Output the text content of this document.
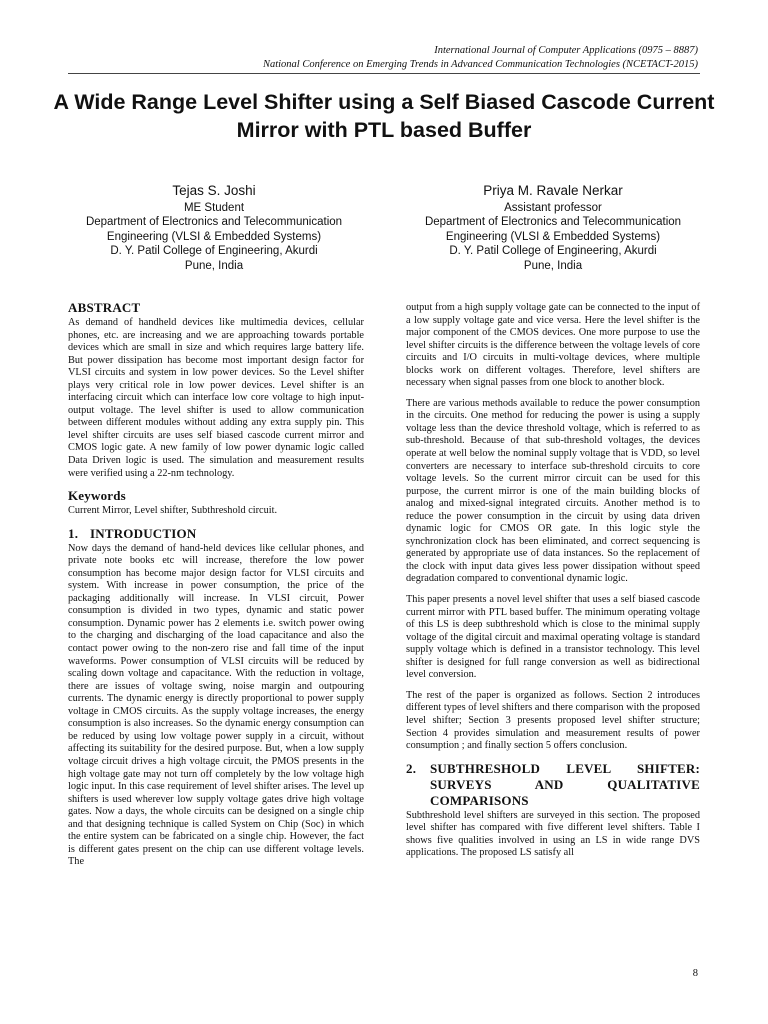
International Journal of Computer Applications (0975 – 8887)
National Conference on Emerging Trends in Advanced Communication Technologies (NCETACT-2015)
A Wide Range Level Shifter using a Self Biased Cascode Current Mirror with PTL based Buffer
Tejas S. Joshi
ME Student
Department of Electronics and Telecommunication Engineering (VLSI & Embedded Systems)
D. Y. Patil College of Engineering, Akurdi
Pune, India
Priya M. Ravale Nerkar
Assistant professor
Department of Electronics and Telecommunication Engineering (VLSI & Embedded Systems)
D. Y. Patil College of Engineering, Akurdi
Pune, India
ABSTRACT

As demand of handheld devices like multimedia devices, cellular phones, etc. are increasing and we are approaching towards portable devices which are small in size and which requires large battery life. But power dissipation has become most important design factor for VLSI circuits and system in low power devices. So the Level shifter plays very critical role in low power devices. Level shifter is an interfacing circuit which can interface low core voltage to high input-output voltage. The level shifter is used to allow communication between different modules without adding any extra supply pin. This level shifter circuits are uses self biased cascode current mirror and CMOS logic gate. A new family of low power dynamic logic called Data Driven logic is used. The simulation and measurement results were verified using a 22-nm technology.

Keywords

Current Mirror, Level shifter, Subthreshold circuit.

1. INTRODUCTION

Now days the demand of hand-held devices like cellular phones, and private note books etc will increase, therefore the low power consumption has become major design factor for VLSI circuits and system. With increase in power consumption, the price of the packaging additionally will increase. In VLSI circuit, Power consumption is divided in two types, dynamic and static power consumption. Dynamic power has 2 elements i.e. switch power owing to the charging and discharging of the load capacitance and also the contact power owing to the non-zero rise and fall time of the input waveforms. Power consumption of VLSI circuits will be reduced by scaling down voltage and capacitance. With the reduction in voltage, there are issues of voltage swing, noise margin and outpouring currents. The dynamic energy is directly proportional to power supply voltage in CMOS circuits. As the supply voltage increases, the energy consumption is also increases. So the dynamic energy consumption can be reduced by using low voltage power supply in a circuit, without affecting its suitability for the desired purpose. But, when a low supply voltage circuit drives a high voltage circuit, the PMOS presents in the high voltage gate may not turn off completely by the low voltage high logic input. In this case requirement of level shifter arises. The level up shifters is used wherever low supply voltage gates drive high voltage gates. Now a days, the whole circuits can be designed on a single chip and that designing technique is called System on Chip (Soc) in which the entire system can be fabricated on a single chip. However, the fact is different gates present on the chip can use different voltage levels. The

output from a high supply voltage gate can be connected to the input of a low supply voltage gate and vice versa. Here the level shifter is the major component of the CMOS devices. One more purpose to use the level shifter circuits is the difference between the voltage levels of core circuits and I/O circuits in multi-voltage devices, where multiple blocks work on different voltages. Therefore, level shifters are necessary when signal passes from one block to another block.

There are various methods available to reduce the power consumption in the circuits. One method for reducing the power is using a supply voltage less than the device threshold voltage, which is referred to as sub-threshold. Because of that sub-threshold voltages, the devices operate at well below the nominal supply voltage that is VDD, so level converters are necessary to interface sub-threshold circuits to core voltage levels. So the current mirror circuit can be used for this purpose, the current mirror is one of the main building blocks of analog and mixed-signal integrated circuits. Another method is to reduce the power consumption in the circuit by using data driven dynamic logic for CMOS OR gate. In this logic style the synchronization clock has been eliminated, and correct sequencing is generated by appropriate use of data instances. So the replacement of the clock with input data gives less power dissipation without speed degradation compared to conventional dynamic logic.

This paper presents a novel level shifter that uses a self biased cascode current mirror with PTL based buffer. The minimum operating voltage of this LS is deep subthreshold which is close to the minimal supply voltage of the digital circuit and maximal operating voltage is standard supply voltage which is defined in a transistor technology. This level shifter is designed for full range conversion as well as bidirectional level conversion.

The rest of the paper is organized as follows. Section 2 introduces different types of level shifters and there comparison with the proposed level shifter; Section 3 presents proposed level shifter structure; Section 4 provides simulation and measurement results of power consumption ; and finally section 5 offers conclusion.

2.	SUBTHRESHOLD LEVEL SHIFTER: SURVEYS AND QUALITATIVE COMPARISONS

Subthreshold level shifters are surveyed in this section. The proposed level shifter has compared with five different level shifters. Table I shows five qualities involved in using an LS in wide range DVS applications. The proposed LS satisfy all

8
